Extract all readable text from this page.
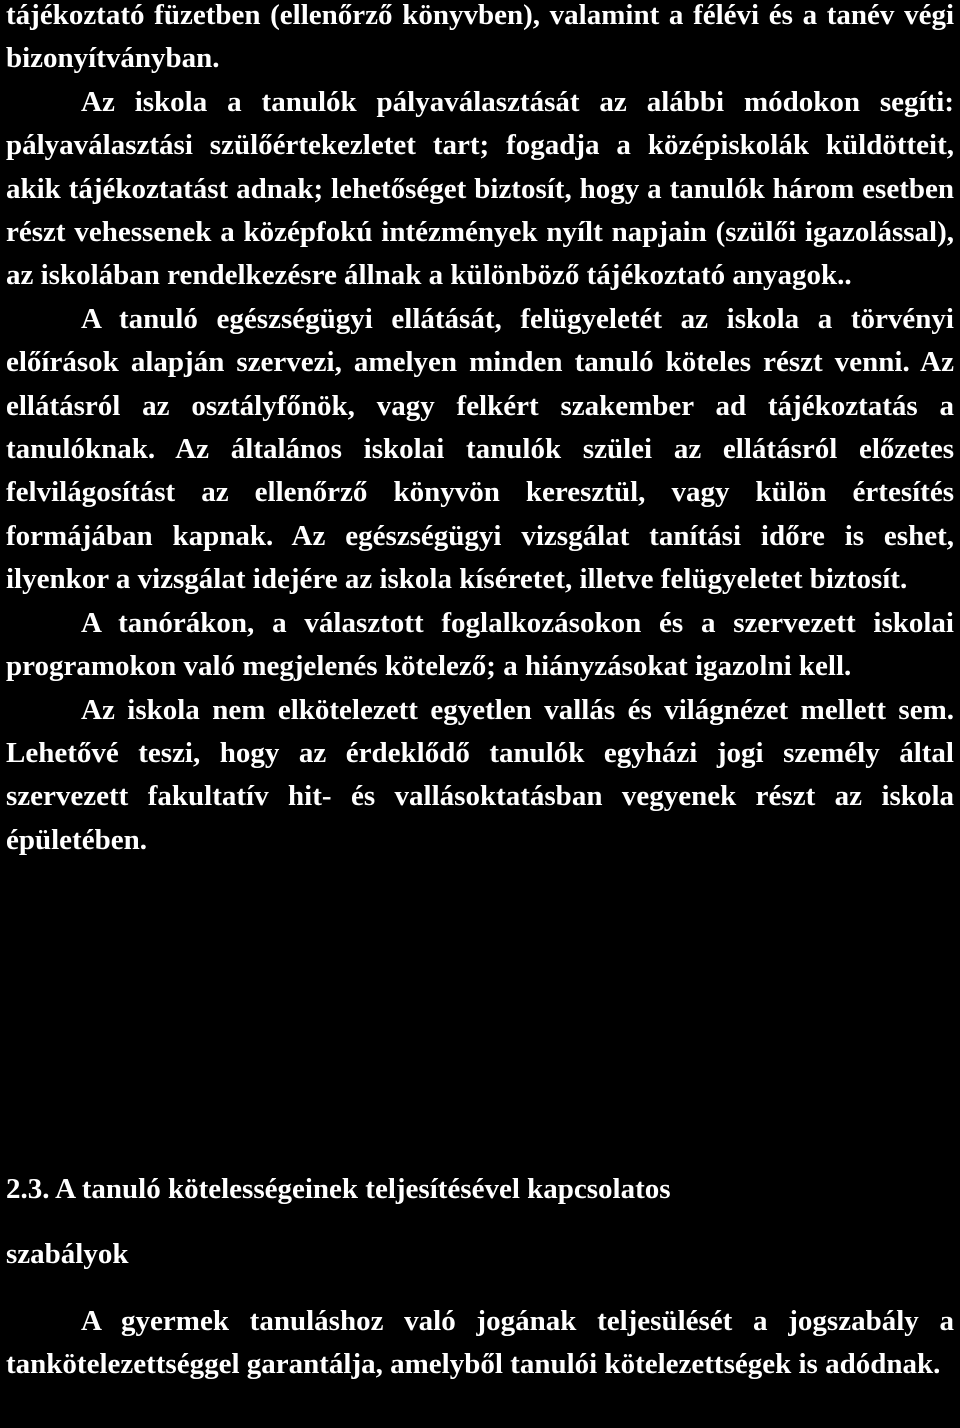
tájékoztató füzetben (ellenőrző könyvben), valamint a félévi és a tanév végi bizonyítványban.

Az iskola a tanulók pályaválasztását az alábbi módokon segíti: pályaválasztási szülőértekezletet tart; fogadja a középiskolák küldötteit, akik tájékoztatást adnak; lehetőséget biztosít, hogy a tanulók három esetben részt vehessenek a középfokú intézmények nyílt napjain (szülői igazolással), az iskolában rendelkezésre állnak a különböző tájékoztató anyagok..

A tanuló egészségügyi ellátását, felügyeletét az iskola a törvényi előírások alapján szervezi, amelyen minden tanuló köteles részt venni. Az ellátásról az osztályfőnök, vagy felkért szakember ad tájékoztatás a tanulóknak. Az általános iskolai tanulók szülei az ellátásról előzetes felvilágosítást az ellenőrző könyvön keresztül, vagy külön értesítés formájában kapnak. Az egészségügyi vizsgálat tanítási időre is eshet, ilyenkor a vizsgálat idejére az iskola kíséretet, illetve felügyeletet biztosít.

A tanórákon, a választott foglalkozásokon és a szervezett iskolai programokon való megjelenés kötelező; a hiányzásokat igazolni kell.

Az iskola nem elkötelezett egyetlen vallás és világnézet mellett sem. Lehetővé teszi, hogy az érdeklődő tanulók egyházi jogi személy által szervezett fakultatív hit- és vallásoktatásban vegyenek részt az iskola épületében.

2.3. A tanuló kötelességeinek teljesítésével kapcsolatos
szabályok

A gyermek tanuláshoz való jogának teljesülését a jogszabály a tankötelezettséggel garantálja, amelyből tanulói kötelezettségek is adódnak.
